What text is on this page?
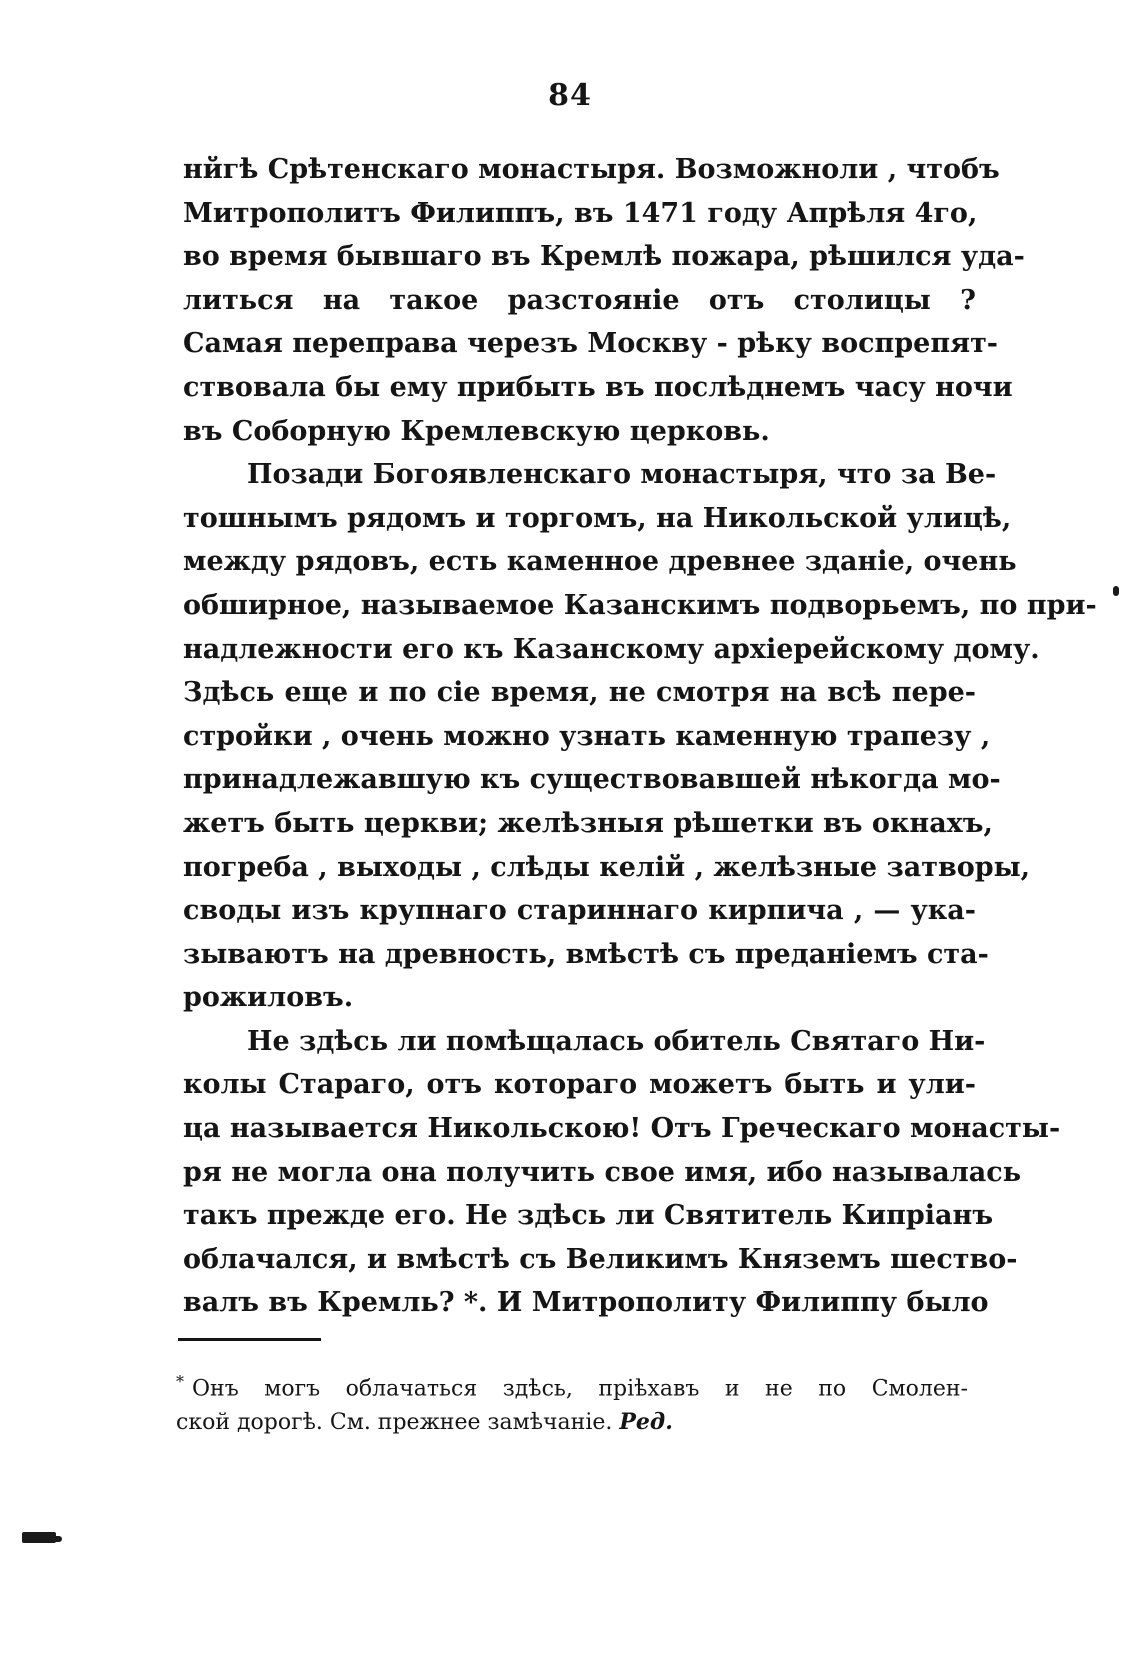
84
нйгѣ Срѣтенскаго монастыря. Возможноли , чтобъ
Митрополитъ Филиппъ, въ 1471 году Апрѣля 4го,
во время бывшаго въ Кремлѣ пожара, рѣшился уда-
литься на такое разстояніе отъ столицы ?
Самая переправа черезъ Москву - рѣку воспрепят-
ствовала бы ему прибыть въ послѣднемъ часу ночи
въ Соборную Кремлевскую церковь.
Позади Богоявленскаго монастыря, что за Ве-
тошнымъ рядомъ и торгомъ, на Никольской улицѣ,
между рядовъ, есть каменное древнее зданіе, очень
обширное, называемое Казанскимъ подворьемъ, по при-
надлежности его къ Казанскому архіерейскому дому.
Здѣсь еще и по сіе время, не смотря на всѣ пере-
стройки , очень можно узнать каменную трапезу ,
принадлежавшую къ существовавшей нѣкогда мо-
жетъ быть церкви; желѣзныя рѣшетки въ окнахъ,
погреба , выходы , слѣды келій , желѣзные затворы,
своды изъ крупнаго стариннаго кирпича , — ука-
зываютъ на древность, вмѣстѣ съ преданіемъ ста-
рожиловъ.
Не здѣсь ли помѣщалась обитель Святаго Ни-
колы Стараго, отъ котораго можетъ быть и ули-
ца называется Никольскою! Отъ Греческаго монасты-
ря не могла она получить свое имя, ибо называлась
такъ прежде его. Не здѣсь ли Святитель Кипріанъ
облачался, и вмѣстѣ съ Великимъ Княземъ шество-
валъ въ Кремль? *. И Митрополиту Филиппу было
* Онъ могъ облачаться здѣсь, пріѣхавъ и не по Смолен-
ской дорогѣ. См. прежнее замѣчаніе. Ред.
